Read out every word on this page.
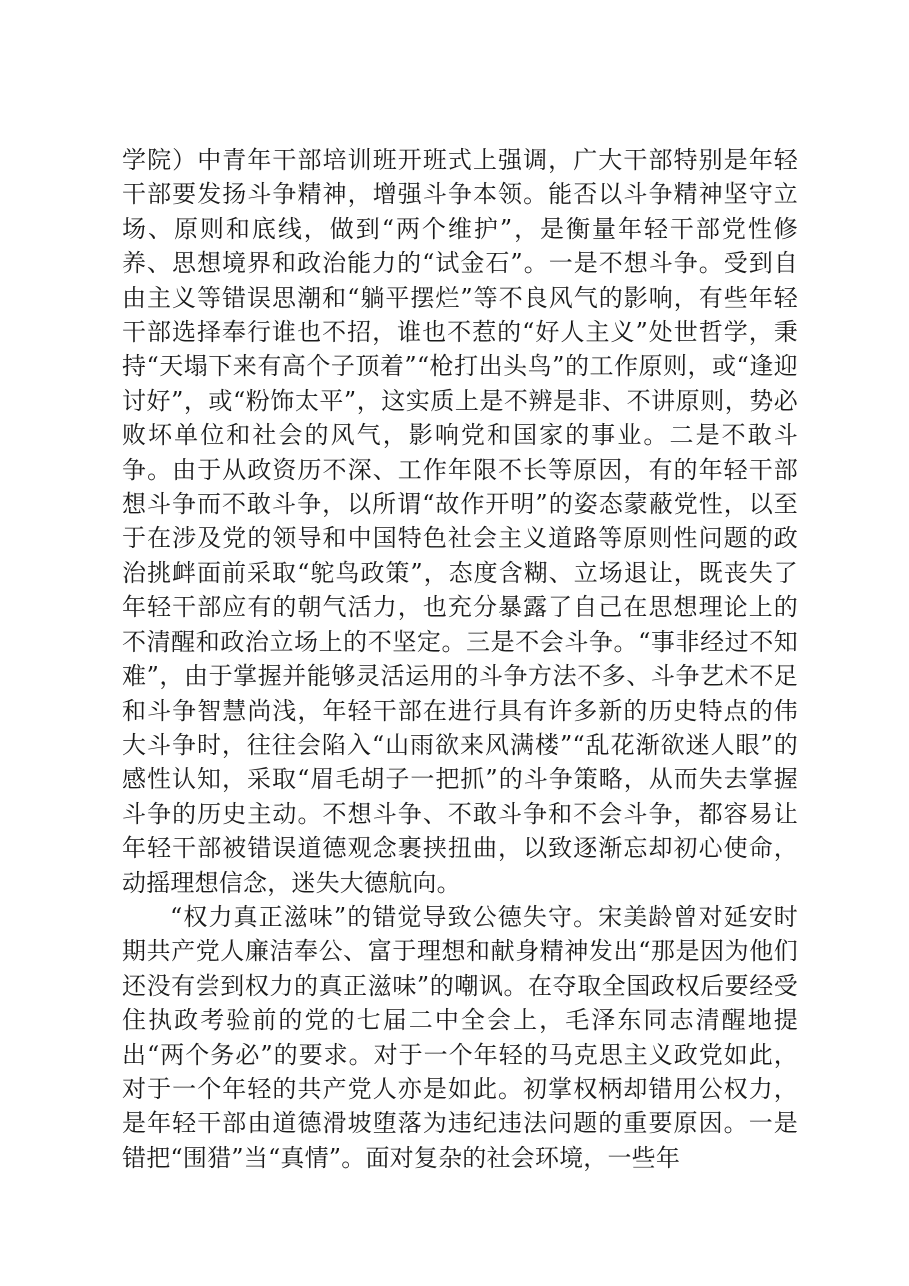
学院）中青年干部培训班开班式上强调，广大干部特别是年轻干部要发扬斗争精神，增强斗争本领。能否以斗争精神坚守立场、原则和底线，做到“两个维护”，是衡量年轻干部党性修养、思想境界和政治能力的“试金石”。一是不想斗争。受到自由主义等错误思潮和“躺平摆烂”等不良风气的影响，有些年轻干部选择奉行谁也不招，谁也不惹的“好人主义”处世哲学，秉持“天塌下来有高个子顶着”“枪打出头鸟”的工作原则，或“逢迎讨好”，或“粉饰太平”，这实质上是不辨是非、不讲原则，势必败坏单位和社会的风气，影响党和国家的事业。二是不敢斗争。由于从政资历不深、工作年限不长等原因，有的年轻干部想斗争而不敢斗争，以所谓“故作开明”的姿态蒙蔽党性，以至于在涉及党的领导和中国特色社会主义道路等原则性问题的政治挑衅面前采取“鸵鸟政策”，态度含糊、立场退让，既丧失了年轻干部应有的朝气活力，也充分暴露了自己在思想理论上的不清醒和政治立场上的不坚定。三是不会斗争。“事非经过不知难”，由于掌握并能够灵活运用的斗争方法不多、斗争艺术不足和斗争智慧尚浅，年轻干部在进行具有许多新的历史特点的伟大斗争时，往往会陷入“山雨欲来风满楼”“乱花渐欲迷人眼”的感性认知，采取“眉毛胡子一把抓”的斗争策略，从而失去掌握斗争的历史主动。不想斗争、不敢斗争和不会斗争，都容易让年轻干部被错误道德观念裹挟扭曲，以致逐渐忘却初心使命，动摇理想信念，迷失大德航向。

“权力真正滋味”的错觉导致公德失守。宋美龄曾对延安时期共产党人廉洁奉公、富于理想和献身精神发出“那是因为他们还没有尝到权力的真正滋味”的嘲讽。在夺取全国政权后要经受住执政考验前的党的七届二中全会上，毛泽东同志清醒地提出“两个务必”的要求。对于一个年轻的马克思主义政党如此，对于一个年轻的共产党人亦是如此。初掌权柄却错用公权力，是年轻干部由道德滑坡堕落为违纪违法问题的重要原因。一是错把“围猎”当“真情”。面对复杂的社会环境，一些年
